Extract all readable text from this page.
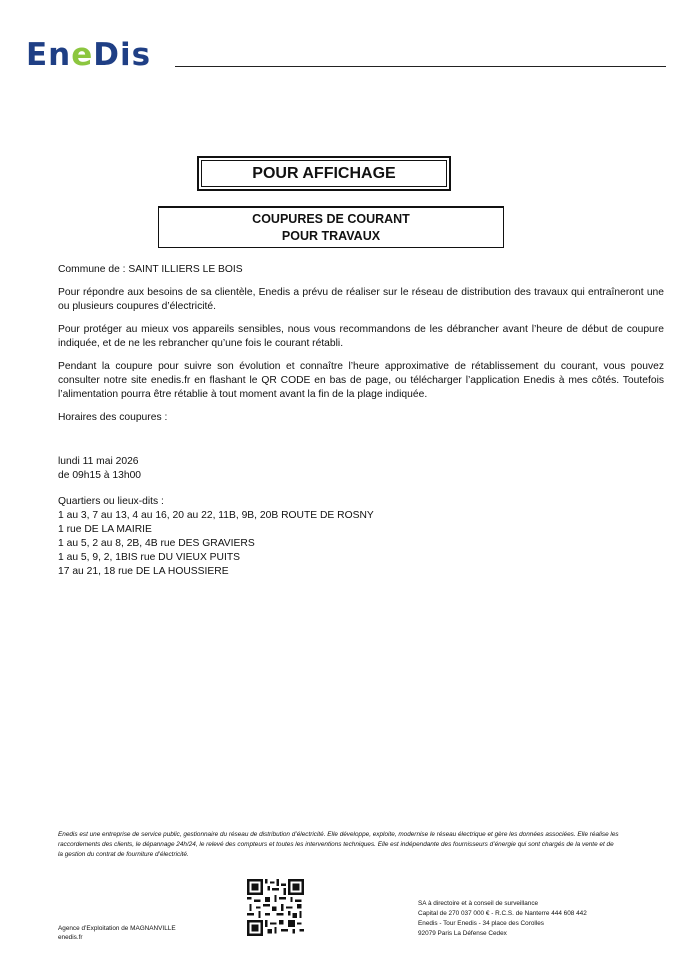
EneDis
POUR AFFICHAGE
COUPURES DE COURANT
POUR TRAVAUX
Commune de : SAINT ILLIERS LE BOIS

Pour répondre aux besoins de sa clientèle, Enedis a prévu de réaliser sur le réseau de distribution des travaux qui entraîneront une ou plusieurs coupures d’électricité.

Pour protéger au mieux vos appareils sensibles, nous vous recommandons de les débrancher avant l’heure de début de coupure indiquée, et de ne les rebrancher qu’une fois le courant rétabli.

Pendant la coupure pour suivre son évolution et connaître l’heure approximative de rétablissement du courant, vous pouvez consulter notre site enedis.fr en flashant le QR CODE en bas de page, ou télécharger l’application Enedis à mes côtés. Toutefois l’alimentation pourra être rétablie à tout moment avant la fin de la plage indiquée.

Horaires des coupures :

lundi 11 mai 2026
de 09h15 à 13h00
Quartiers ou lieux-dits :
1 au 3, 7 au 13, 4 au 16, 20 au 22, 11B, 9B, 20B ROUTE DE ROSNY
1 rue DE LA MAIRIE
1 au 5, 2 au 8, 2B, 4B rue DES GRAVIERS
1 au 5, 9, 2, 1BIS rue DU VIEUX PUITS
17 au 21, 18 rue DE LA HOUSSIERE
Enedis est une entreprise de service public, gestionnaire du réseau de distribution d’électricité. Elle développe, exploite, modernise le réseau électrique et gère les données associées. Elle réalise les raccordements des clients, le dépannage 24h/24, le relevé des compteurs et toutes les interventions techniques. Elle est indépendante des fournisseurs d’énergie qui sont chargés de la vente et de la gestion du contrat de fourniture d’électricité.
Agence d’Exploitation de MAGNANVILLE
enedis.fr
SA à directoire et à conseil de surveillance
Capital de 270 037 000 € - R.C.S. de Nanterre 444 608 442
Enedis - Tour Enedis - 34 place des Corolles
92079 Paris La Défense Cedex
